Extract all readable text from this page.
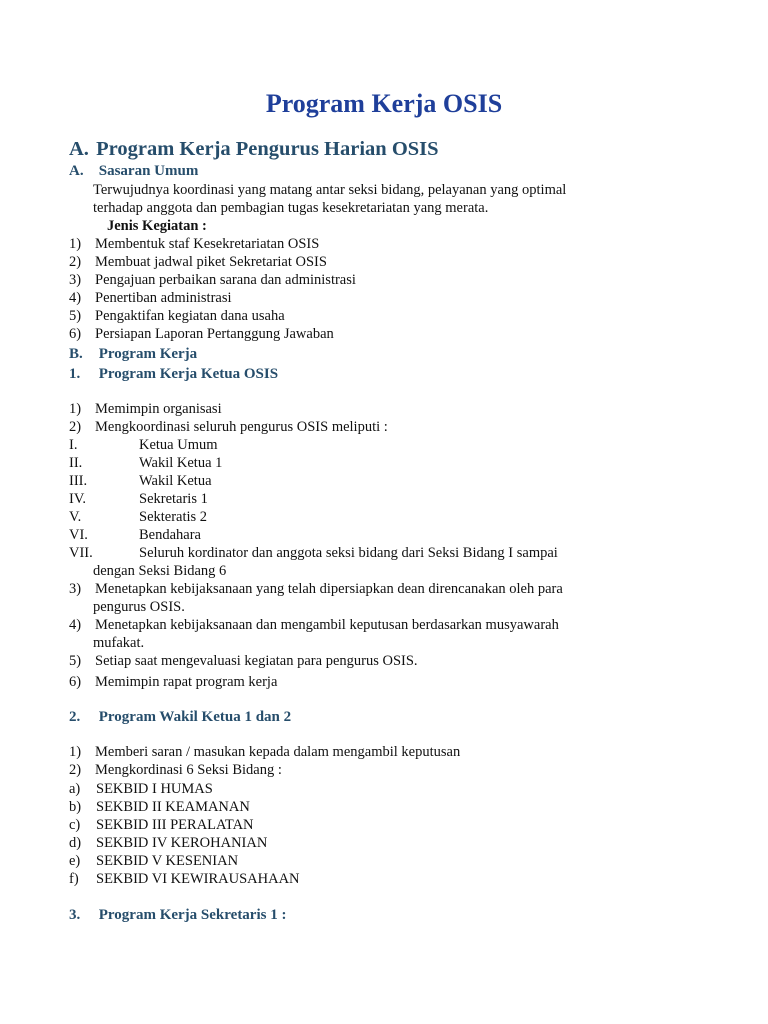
Program Kerja OSIS
A. Program Kerja Pengurus Harian OSIS
A. Sasaran Umum
Terwujudnya koordinasi yang matang antar seksi bidang, pelayanan yang optimal
terhadap anggota dan pembagian tugas kesekretariatan yang merata.
Jenis Kegiatan :
1) Membentuk staf Kesekretariatan OSIS
2) Membuat jadwal piket Sekretariat OSIS
3) Pengajuan perbaikan sarana dan administrasi
4) Penertiban administrasi
5) Pengaktifan kegiatan dana usaha
6) Persiapan Laporan Pertanggung Jawaban
B. Program Kerja
1. Program Kerja Ketua OSIS
1) Memimpin organisasi
2) Mengkoordinasi seluruh pengurus OSIS meliputi :
I.	Ketua Umum
II.	Wakil Ketua 1
III.	Wakil Ketua
IV.	Sekretaris 1
V.	Sekteratis 2
VI.	Bendahara
VII.	Seluruh kordinator dan anggota seksi bidang dari Seksi Bidang I sampai
dengan Seksi Bidang 6
3) Menetapkan kebijaksanaan yang telah dipersiapkan dean direncanakan oleh para
pengurus OSIS.
4) Menetapkan kebijaksanaan dan mengambil keputusan berdasarkan musyawarah
mufakat.
5) Setiap saat mengevaluasi kegiatan para pengurus OSIS.
6) Memimpin rapat program kerja
2. Program Wakil Ketua 1 dan 2
1) Memberi saran / masukan kepada dalam mengambil keputusan
2) Mengkordinasi 6 Seksi Bidang :
a) SEKBID I HUMAS
b) SEKBID II KEAMANAN
c) SEKBID III PERALATAN
d) SEKBID IV KEROHANIAN
e) SEKBID V KESENIAN
f) SEKBID VI KEWIRAUSAHAAN
3. Program Kerja Sekretaris 1 :
